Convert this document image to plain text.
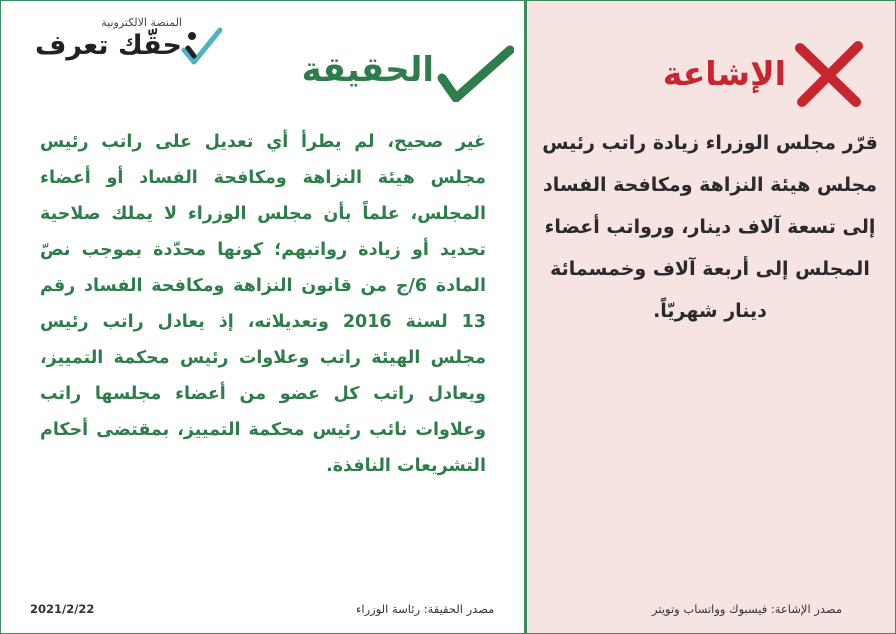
المنصة الالكترونية
حقّك تعرف
الحقيقة
غير صحيح، لم يطرأ أي تعديل على راتب رئيس مجلس هيئة النزاهة ومكافحة الفساد أو أعضاء المجلس، علماً بأن مجلس الوزراء لا يملك صلاحية تحديد أو زيادة رواتبهم؛ كونها محدّدة بموجب نصّ المادة 6/ج من قانون النزاهة ومكافحة الفساد رقم 13 لسنة 2016 وتعديلاته، إذ يعادل راتب رئيس مجلس الهيئة راتب وعلاوات رئيس محكمة التمييز، ويعادل راتب كل عضو من أعضاء مجلسها راتب وعلاوات نائب رئيس محكمة التمييز، بمقتضى أحكام التشريعات النافذة.
الإشاعة
قرّر مجلس الوزراء زيادة راتب رئيس مجلس هيئة النزاهة ومكافحة الفساد إلى تسعة آلاف دينار، ورواتب أعضاء المجلس إلى أربعة آلاف وخمسمائة دينار شهريّاً.
2021/2/22	مصدر الحقيقة: رئاسة الوزراء	مصدر الإشاعة: فيسبوك وواتساب وتويتر
